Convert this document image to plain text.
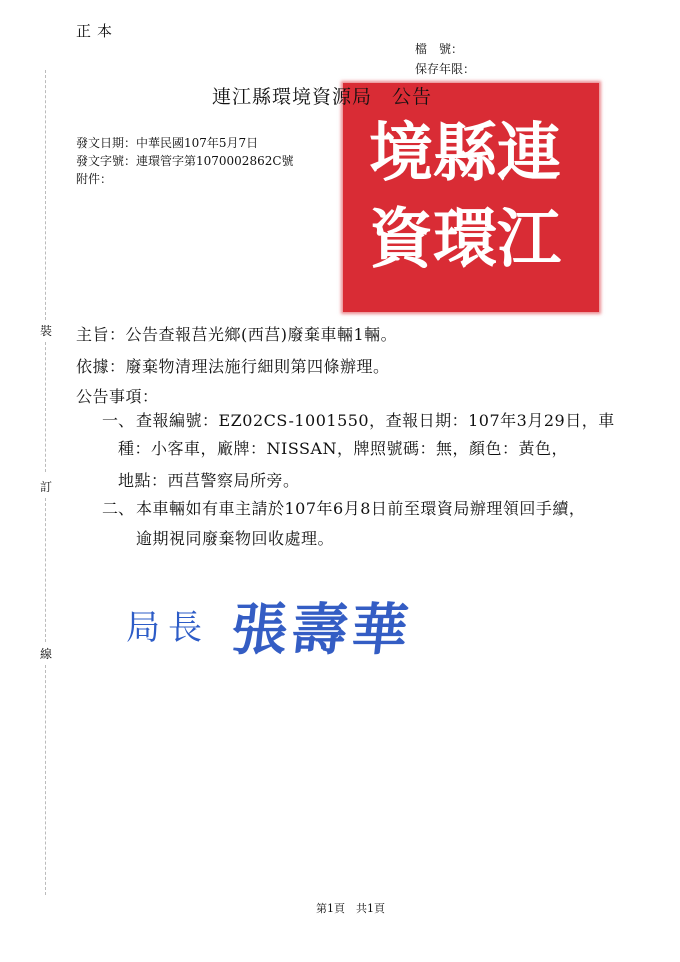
正本
檔　號：
保存年限：
連
江
縣
環
境
資
連江縣環境資源局　公告
發文日期：中華民國107年5月7日
發文字號：連環管字第1070002862C號
附件：
裝
訂
線
主旨：公告查報莒光鄉(西莒)廢棄車輛1輛。
依據：廢棄物清理法施行細則第四條辦理。
公告事項：
一、 查報編號：EZ02CS-1001550，查報日期：107年3月29日，車
種：小客車，廠牌：NISSAN，牌照號碼：無，顏色：黃色，
地點：西莒警察局所旁。
二、 本車輛如有車主請於107年6月8日前至環資局辦理領回手續，
逾期視同廢棄物回收處理。
局長 張壽華
第1頁　共1頁
